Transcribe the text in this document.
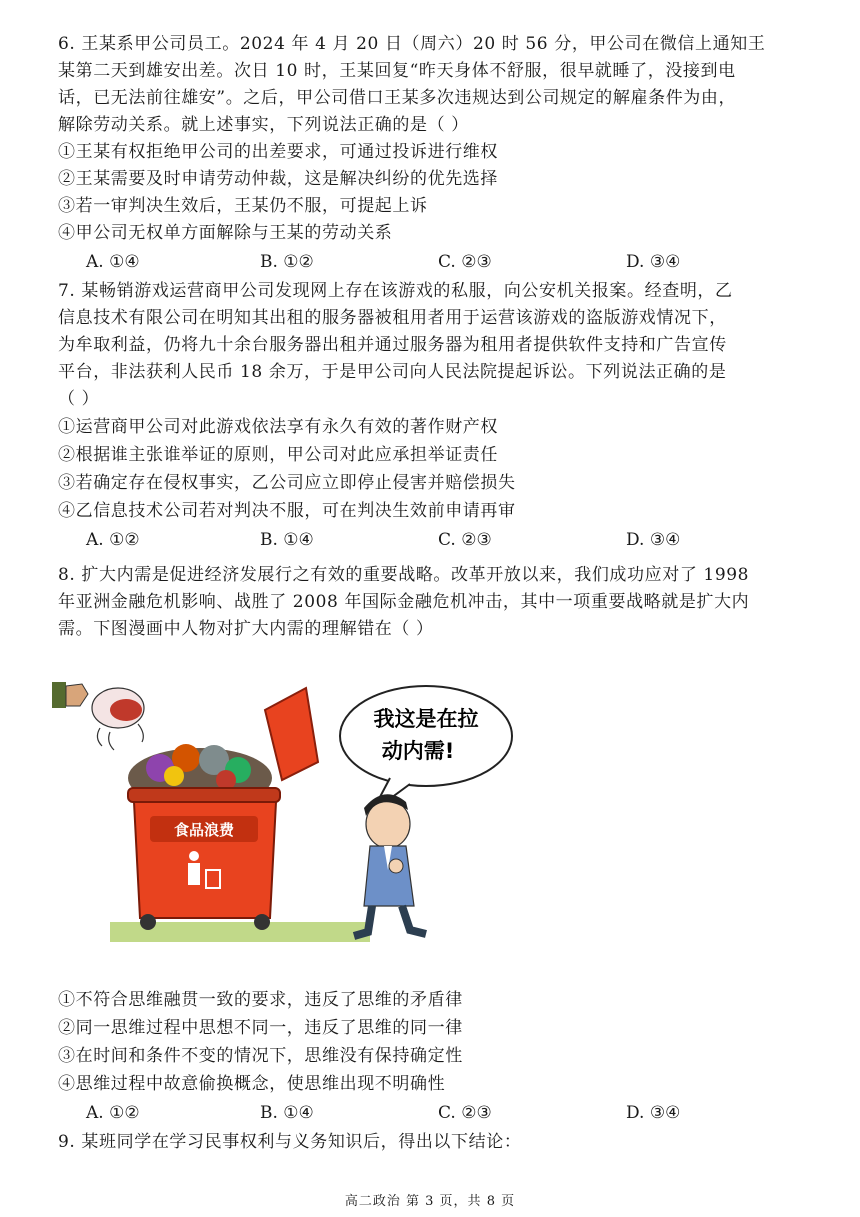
6. 王某系甲公司员工。2024 年 4 月 20 日（周六）20 时 56 分，甲公司在微信上通知王
某第二天到雄安出差。次日 10 时，王某回复“昨天身体不舒服，很早就睡了，没接到电
话，已无法前往雄安”。之后，甲公司借口王某多次违规达到公司规定的解雇条件为由，
解除劳动关系。就上述事实，下列说法正确的是（ ）
①王某有权拒绝甲公司的出差要求，可通过投诉进行维权
②王某需要及时申请劳动仲裁，这是解决纠纷的优先选择
③若一审判决生效后，王某仍不服，可提起上诉
④甲公司无权单方面解除与王某的劳动关系
A. ①④	B. ①②	C. ②③	D. ③④
7. 某畅销游戏运营商甲公司发现网上存在该游戏的私服，向公安机关报案。经查明，乙
信息技术有限公司在明知其出租的服务器被租用者用于运营该游戏的盗版游戏情况下，
为牟取利益，仍将九十余台服务器出租并通过服务器为租用者提供软件支持和广告宣传
平台，非法获利人民币 18 余万，于是甲公司向人民法院提起诉讼。下列说法正确的是
（ ）
①运营商甲公司对此游戏依法享有永久有效的著作财产权
②根据谁主张谁举证的原则，甲公司对此应承担举证责任
③若确定存在侵权事实，乙公司应立即停止侵害并赔偿损失
④乙信息技术公司若对判决不服，可在判决生效前申请再审
A. ①②	B. ①④	C. ②③	D. ③④
8. 扩大内需是促进经济发展行之有效的重要战略。改革开放以来，我们成功应对了 1998
年亚洲金融危机影响、战胜了 2008 年国际金融危机冲击，其中一项重要战略就是扩大内
需。下图漫画中人物对扩大内需的理解错在（ ）
食品浪费
我这是在拉
动内需!
①不符合思维融贯一致的要求，违反了思维的矛盾律
②同一思维过程中思想不同一，违反了思维的同一律
③在时间和条件不变的情况下，思维没有保持确定性
④思维过程中故意偷换概念，使思维出现不明确性
A. ①②	B. ①④	C. ②③	D. ③④
9. 某班同学在学习民事权利与义务知识后，得出以下结论：
高二政治 第 3 页，共 8 页
